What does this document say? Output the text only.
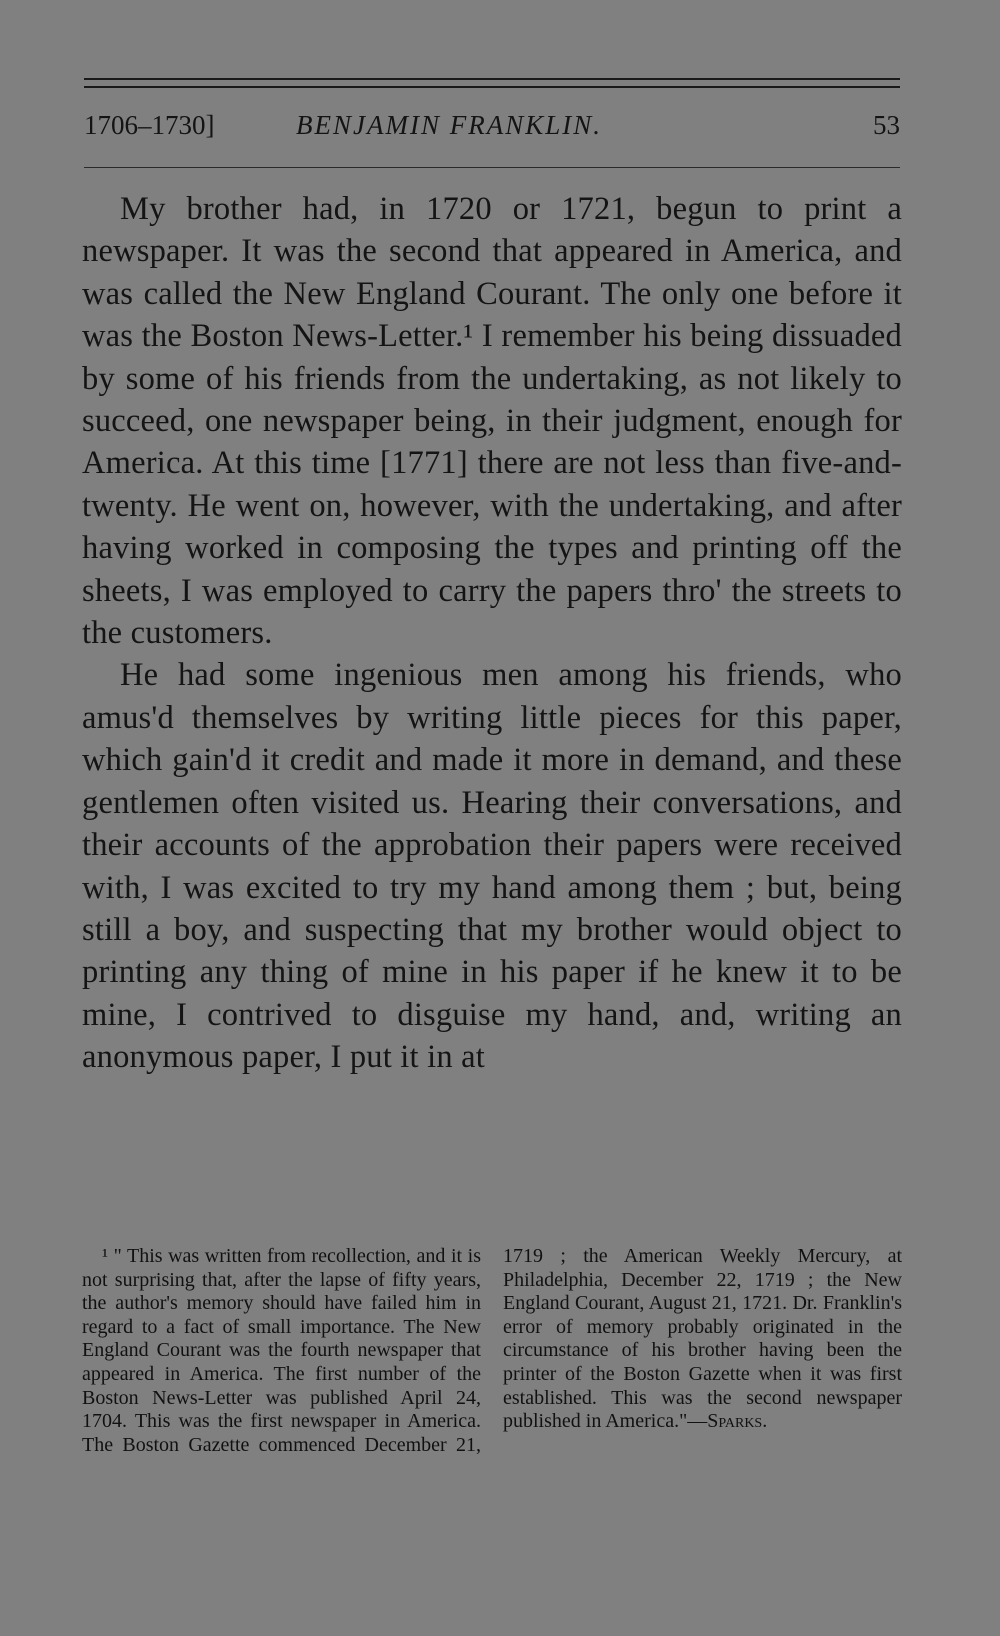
1706–1730]	BENJAMIN FRANKLIN.	53

My brother had, in 1720 or 1721, begun to print a newspaper. It was the second that appeared in America, and was called the New England Courant. The only one before it was the Boston News-Letter.¹ I remember his being dissuaded by some of his friends from the undertaking, as not likely to succeed, one newspaper being, in their judgment, enough for America. At this time [1771] there are not less than five-and-twenty. He went on, however, with the undertaking, and after having worked in composing the types and printing off the sheets, I was employed to carry the papers thro' the streets to the customers.

He had some ingenious men among his friends, who amus'd themselves by writing little pieces for this paper, which gain'd it credit and made it more in demand, and these gentlemen often visited us. Hearing their conversations, and their accounts of the approbation their papers were received with, I was excited to try my hand among them ; but, being still a boy, and suspecting that my brother would object to printing any thing of mine in his paper if he knew it to be mine, I contrived to disguise my hand, and, writing an anonymous paper, I put it in at

¹ " This was written from recollection, and it is not surprising that, after the lapse of fifty years, the author's memory should have failed him in regard to a fact of small importance. The New England Courant was the fourth newspaper that appeared in America. The first number of the Boston News-Letter was published April 24, 1704. This was the first newspaper in America. The Boston Gazette commenced December 21, 1719 ; the American Weekly Mercury, at Philadelphia, December 22, 1719 ; the New England Courant, August 21, 1721. Dr. Franklin's error of memory probably originated in the circumstance of his brother having been the printer of the Boston Gazette when it was first established. This was the second newspaper published in America."—Sparks.
